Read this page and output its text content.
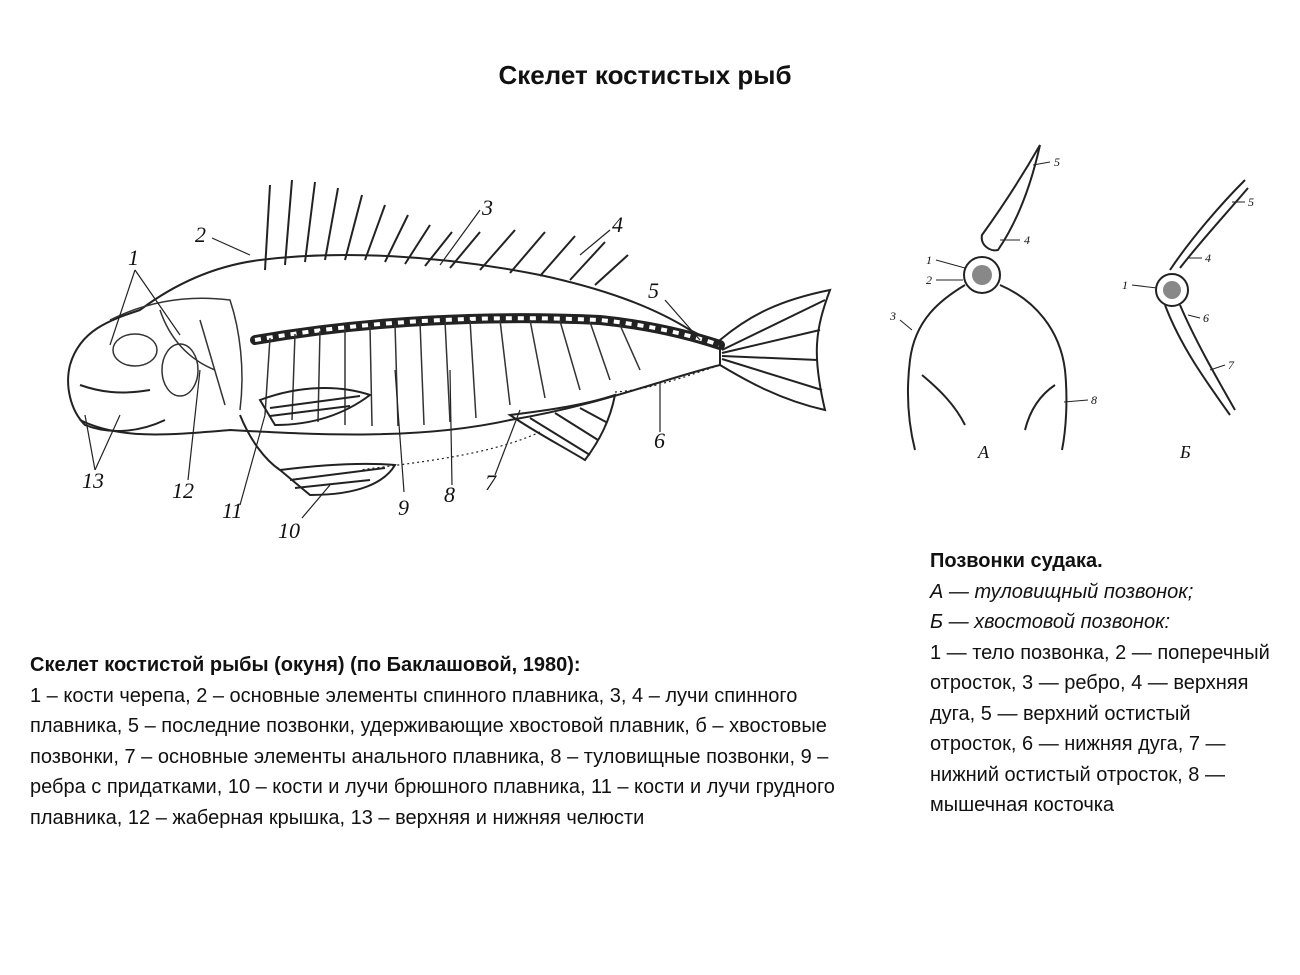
Скелет костистых рыб
1
2
3
4
5
6
7
8
9
10
11
12
13
5
4
1
2
3
8
А
5
4
1
6
7
Б

Скелет костистой рыбы (окуня) (по Баклашовой, 1980):
1 – кости черепа, 2 – основные элементы спинного плавника, 3, 4 – лучи спинного плавника, 5 – последние позвонки, удерживающие хвостовой плавник, б – хвостовые позвонки, 7 – основные элементы анального плавника, 8 – туловищные позвонки, 9 – ребра с придатками, 10 – кости и лучи брюшного плавника, 11 – кости и лучи грудного плавника, 12 – жаберная крышка, 13 – верхняя и нижняя челюсти

Позвонки судака.
А — туловищный позвонок;
Б — хвостовой позвонок:
1 — тело позвонка, 2 — поперечный отросток, 3 — ребро, 4 — верхняя дуга, 5 — верхний остистый отросток, 6 — нижняя дуга, 7 — нижний остистый отросток, 8 — мышечная косточка
